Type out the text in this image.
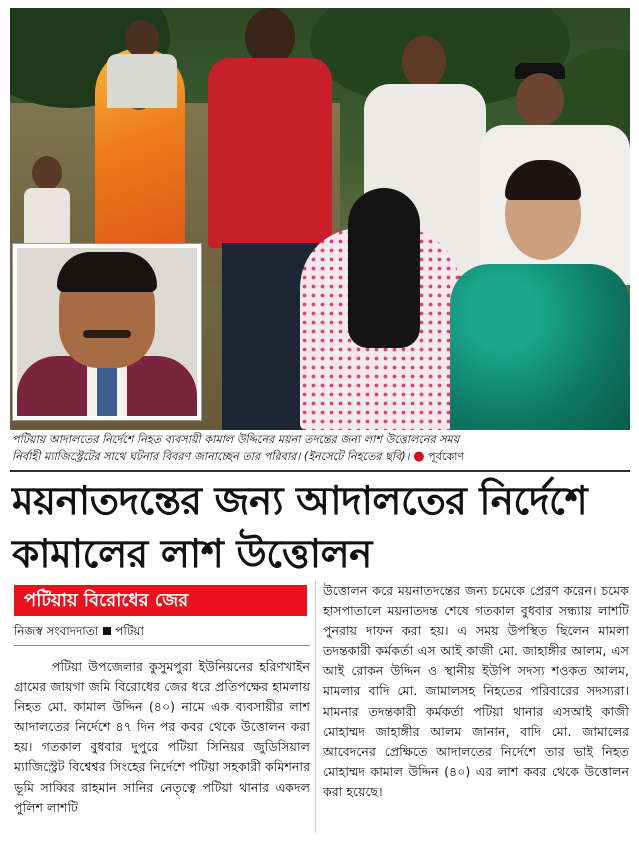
পটিয়ায় আদালতের নির্দেশে নিহত ব্যবসায়ী কামাল উদ্দিনের ময়না তদন্তের জন্য লাশ উত্তোলনের সময়
নির্বাহী ম্যাজিস্ট্রেটের সাথে ঘটনার বিবরণ জানাচ্ছেন তার পরিবার। (ইনসেটে নিহতের ছবি)। ● পূর্বকোণ
ময়নাতদন্তের জন্য আদালতের নির্দেশে
কামালের লাশ উত্তোলন
পটিয়ায় বিরোধের জের
নিজস্ব সংবাদদাতা পটিয়া

পটিয়া উপজেলার কুসুমপুরা ইউনিয়নের হরিণখাইন গ্রামের জায়গা জমি বিরোধের জের ধরে প্রতিপক্ষের হামলায় নিহত মো. কামাল উদ্দিন (৪০) নামে এক ব্যবসায়ীর লাশ আদালতের নির্দেশে ৪৭ দিন পর কবর থেকে উত্তোলন করা হয়। গতকাল বুধবার দুপুরে পটিয়া সিনিয়র জুডিসিয়াল ম্যাজিস্ট্রেট বিশ্বেশ্বর সিংহের নির্দেশে পটিয়া সহকারী কমিশনার ভূমি সাব্বির রাহমান সানির নেতৃত্বে পটিয়া থানার একদল পুলিশ লাশটি

উত্তোলন করে ময়নাতদন্তের জন্য চমেকে প্রেরণ করেন। চমেক হাসপাতালে ময়নাতদন্ত শেষে গতকাল বুধবার সন্ধ্যায় লাশটি পুনরায় দাফন করা হয়। এ সময় উপস্থিত ছিলেন মামলা তদন্তকারী কর্মকর্তা এস আই কাজী মো. জাহাঙ্গীর আলম, এস আই রোকন উদ্দিন ও স্থানীয় ইউপি সদস্য শওকত আলম, মামলার বাদি মো. জামালসহ নিহতের পরিবারের সদস্যরা। মামনার তদন্তকারী কর্মকর্তা পটিয়া থানার এসআই কাজী মোহাম্মদ জাহাঙ্গীর আলম জানান, বাদি মো. জামালের আবেদনের প্রেক্ষিতে আদালতের নির্দেশে তার ভাই নিহত মোহাম্মদ কামাল উদ্দিন (৪০) এর লাশ কবর থেকে উত্তোলন করা হয়েছে।
